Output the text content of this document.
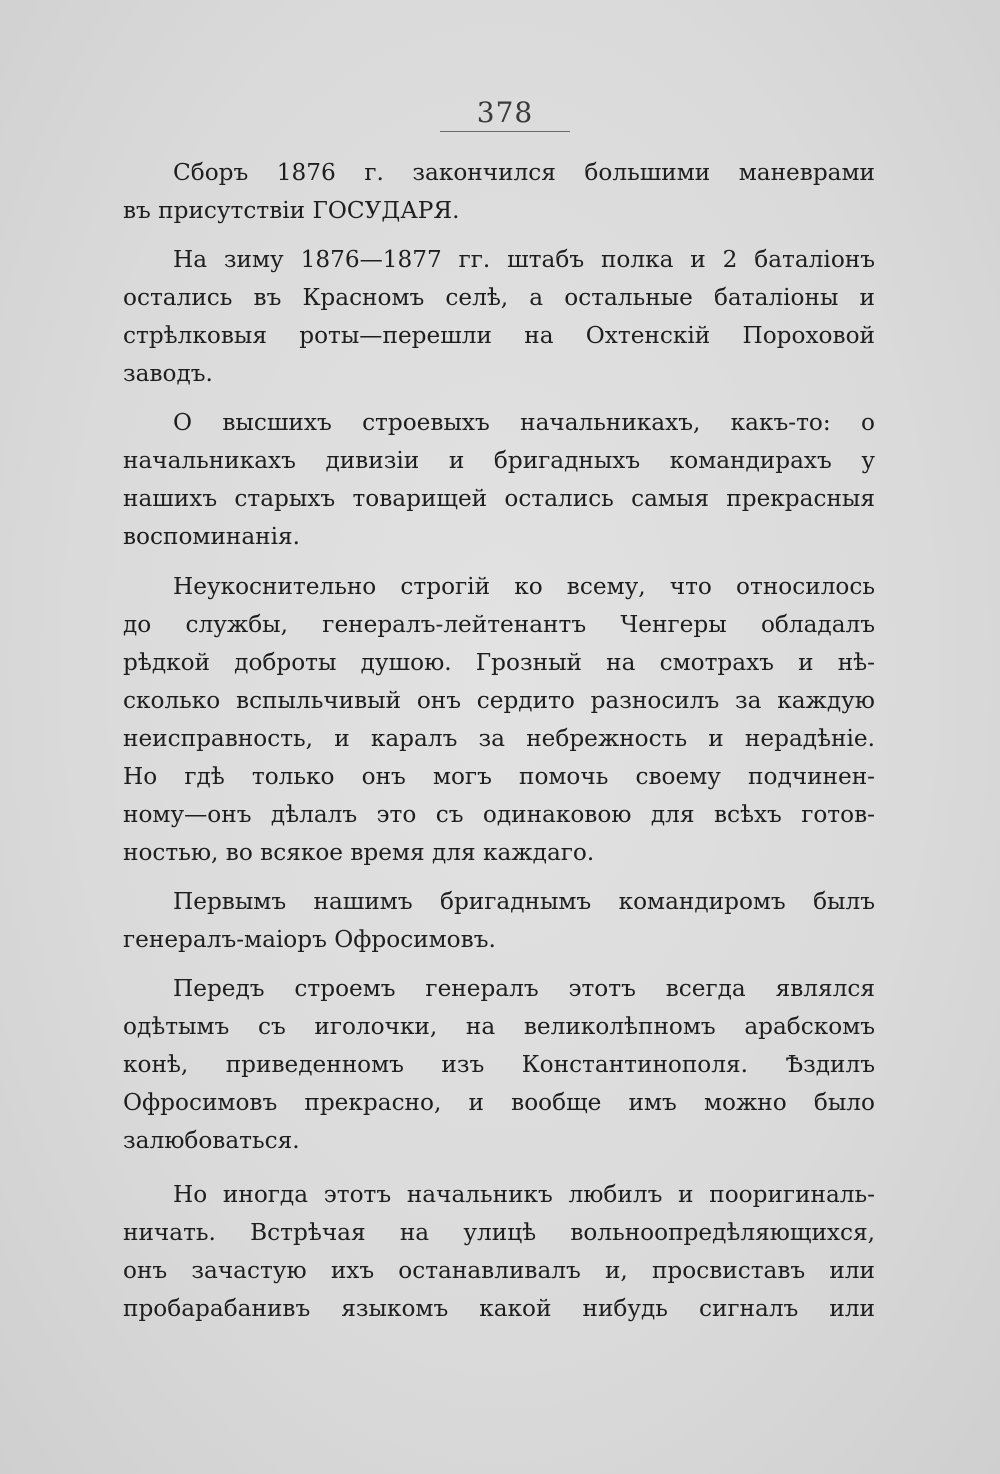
378
Сборъ 1876 г. закончился большими маневрами
въ присутствіи ГОСУДАРЯ.
На зиму 1876—1877 гг. штабъ полка и 2 баталіонъ
остались въ Красномъ селѣ, а остальные баталіоны и
стрѣлковыя роты—перешли на Охтенскій Пороховой
заводъ.
О высшихъ строевыхъ начальникахъ, какъ-то: о
начальникахъ дивизіи и бригадныхъ командирахъ у
нашихъ старыхъ товарищей остались самыя прекрасныя
воспоминанія.
Неукоснительно строгій ко всему, что относилось
до службы, генералъ-лейтенантъ Ченгеры обладалъ
рѣдкой доброты душою. Грозный на смотрахъ и нѣ-
сколько вспыльчивый онъ сердито разносилъ за каждую
неисправность, и каралъ за небрежность и нерадѣніе.
Но гдѣ только онъ могъ помочь своему подчинен-
ному—онъ дѣлалъ это съ одинаковою для всѣхъ готов-
ностью, во всякое время для каждаго.
Первымъ нашимъ бригаднымъ командиромъ былъ
генералъ-маіоръ Офросимовъ.
Передъ строемъ генералъ этотъ всегда являлся
одѣтымъ съ иголочки, на великолѣпномъ арабскомъ
конѣ, приведенномъ изъ Константинополя. Ѣздилъ
Офросимовъ прекрасно, и вообще имъ можно было
залюбоваться.
Но иногда этотъ начальникъ любилъ и пооригиналь-
ничать. Встрѣчая на улицѣ вольноопредѣляющихся,
онъ зачастую ихъ останавливалъ и, просвиставъ или
пробарабанивъ языкомъ какой нибудь сигналъ или
